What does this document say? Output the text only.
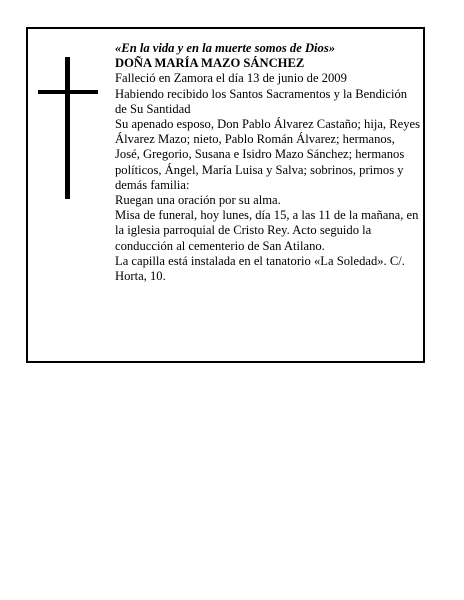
«En la vida y en la muerte somos de Dios»

DOÑA MARÍA MAZO SÁNCHEZ

Falleció en Zamora el día 13 de junio de 2009

Habiendo recibido los Santos Sacramentos y la Bendición de Su Santidad

Su apenado esposo, Don Pablo Álvarez Castaño; hija, Reyes Álvarez Mazo; nieto, Pablo Román Álvarez; hermanos, José, Gregorio, Susana e Isidro Mazo Sánchez; hermanos políticos, Ángel, María Luisa y Salva; sobrinos, primos y demás familia:

Ruegan una oración por su alma.

Misa de funeral, hoy lunes, día 15, a las 11 de la mañana, en la iglesia parroquial de Cristo Rey. Acto seguido la conducción al cementerio de San Atilano.

La capilla está instalada en el tanatorio «La Soledad». C/. Horta, 10.
